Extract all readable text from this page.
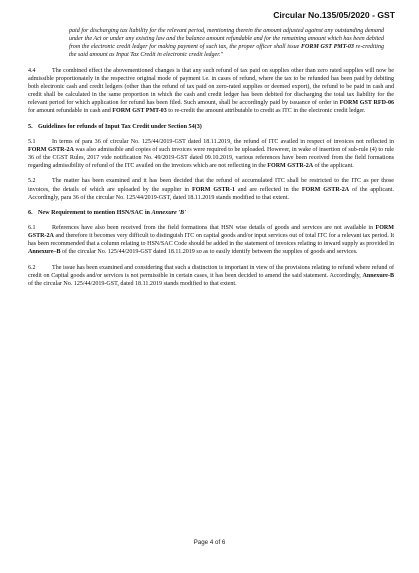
Circular No.135/05/2020 - GST

paid for discharging tax liability for the relevant period, mentioning therein the amount adjusted against any outstanding demand under the Act or under any existing law and the balance amount refundable and for the remaining amount which has been debited from the electronic credit ledger for making payment of such tax, the proper officer shall issue FORM GST PMT-03 re-crediting the said amount as Input Tax Credit in electronic credit ledger."

4.4	The combined effect the abovementioned changes is that any such refund of tax paid on supplies other than zero rated supplies will now be admissible proportionately in the respective original mode of payment i.e. in cases of refund, where the tax to be refunded has been paid by debiting both electronic cash and credit ledgers (other than the refund of tax paid on zero-rated supplies or deemed export), the refund to be paid in cash and credit shall be calculated in the same proportion in which the cash and credit ledger has been debited for discharging the total tax liability for the relevant period for which application for refund has been filed. Such amount, shall be accordingly paid by issuance of order in FORM GST RFD-06 for amount refundable in cash and FORM GST PMT-03 to re-credit the amount attributable to credit as ITC in the electronic credit ledger.

5. Guidelines for refunds of Input Tax Credit under Section 54(3)

5.1	In terms of para 36 of circular No. 125/44/2019-GST dated 18.11.2019, the refund of ITC availed in respect of invoices not reflected in FORM GSTR-2A was also admissible and copies of such invoices were required to be uploaded. However, in wake of insertion of sub-rule (4) to rule 36 of the CGST Rules, 2017 vide notification No. 49/2019-GST dated 09.10.2019, various references have been received from the field formations regarding admissibility of refund of the ITC availed on the invoices which are not reflecting in the FORM GSTR-2A of the applicant.

5.2	The matter has been examined and it has been decided that the refund of accumulated ITC shall be restricted to the ITC as per those invoices, the details of which are uploaded by the supplier in FORM GSTR-1 and are reflected in the FORM GSTR-2A of the applicant. Accordingly, para 36 of the circular No. 125/44/2019-GST, dated 18.11.2019 stands modified to that extent.

6. New Requirement to mention HSN/SAC in Annexure 'B'

6.1	References have also been received from the field formations that HSN wise details of goods and services are not available in FORM GSTR-2A and therefore it becomes very difficult to distinguish ITC on capital goods and/or input services out of total ITC for a relevant tax period. It has been recommended that a column relating to HSN/SAC Code should be added in the statement of invoices relating to inward supply as provided in Annexure–B of the circular No. 125/44/2019-GST dated 18.11.2019 so as to easily identify between the supplies of goods and services.

6.2	The issue has been examined and considering that such a distinction is important in view of the provisions relating to refund where refund of credit on Capital goods and/or services is not permissible in certain cases, it has been decided to amend the said statement. Accordingly, Annexure-B of the circular No. 125/44/2019-GST, dated 18.11.2019 stands modified to that extent.

Page 4 of 6
